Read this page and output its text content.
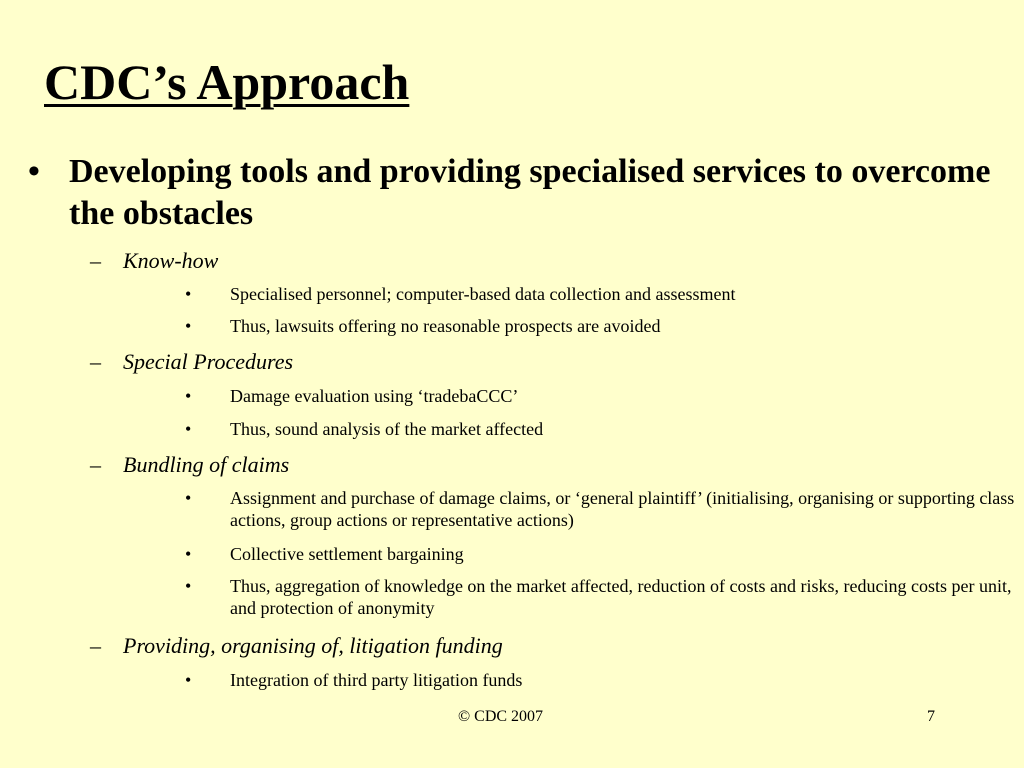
CDC’s Approach
• Developing tools and providing specialised services to overcome the obstacles
– Know-how
• Specialised personnel; computer-based data collection and assessment
• Thus, lawsuits offering no reasonable prospects are avoided
– Special Procedures
• Damage evaluation using ‘tradebaCCC’
• Thus, sound analysis of the market affected
– Bundling of claims
• Assignment and purchase of damage claims, or ‘general plaintiff’ (initialising, organising or supporting class actions, group actions or representative actions)
• Collective settlement bargaining
• Thus, aggregation of knowledge on the market affected, reduction of costs and risks, reducing costs per unit, and protection of anonymity
– Providing, organising of, litigation funding
• Integration of third party litigation funds
© CDC 2007	7
